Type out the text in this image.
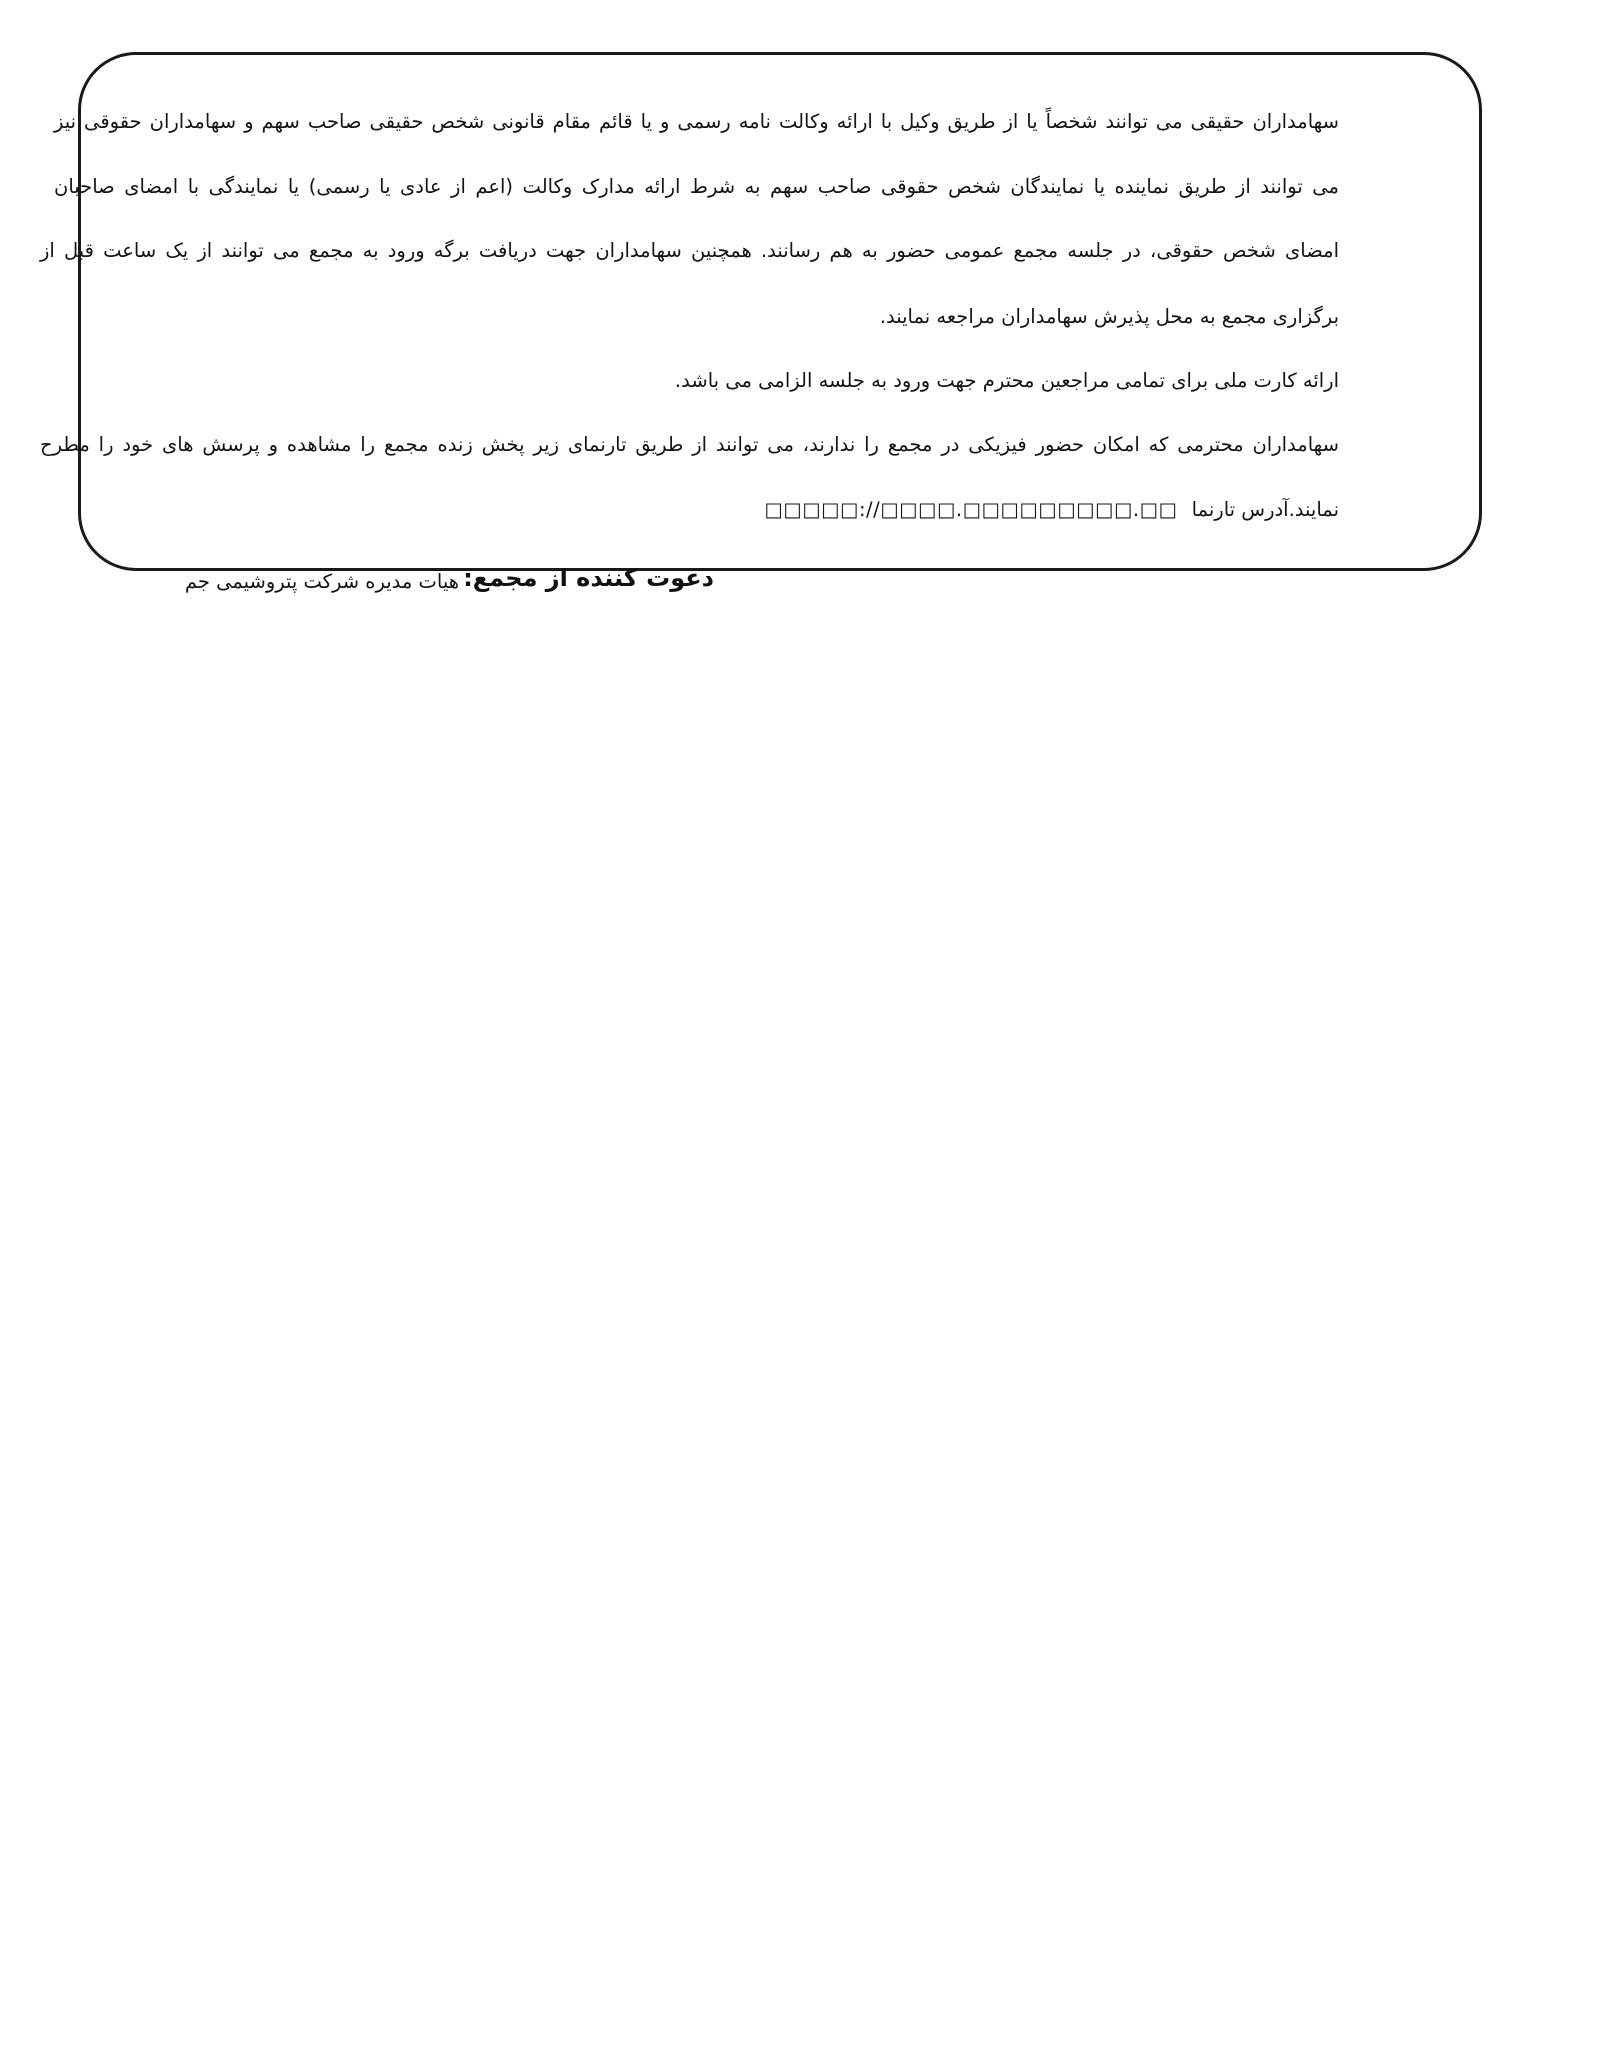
سهامداران حقیقی می توانند شخصاً یا از طریق وکیل با ارائه وکالت نامه رسمی و یا قائم مقام قانونی شخص حقیقی صاحب سهم و سهامداران حقوقی نیز
می توانند از طریق نماینده یا نمایندگان شخص حقوقی صاحب سهم به شرط ارائه مدارک وکالت (اعم از عادی یا رسمی) یا نمایندگی با امضای صاحبان
امضای شخص حقوقی، در جلسه مجمع عمومی حضور به هم رسانند. همچنین سهامداران جهت دریافت برگه ورود به مجمع می توانند از یک ساعت قبل از
برگزاری مجمع به محل پذیرش سهامداران مراجعه نمایند.
ارائه کارت ملی برای تمامی مراجعین محترم جهت ورود به جلسه الزامی می باشد.
سهامداران محترمی که امکان حضور فیزیکی در مجمع را ندارند، می توانند از طریق تارنمای زیر پخش زنده مجمع را مشاهده و پرسش های خود را مطرح
نمایند.آدرس تارنما □□□□□://□□□□.□□□□□□□□□.□□
دعوت کننده از مجمع:
هیات مدیره شرکت پتروشیمی جم
